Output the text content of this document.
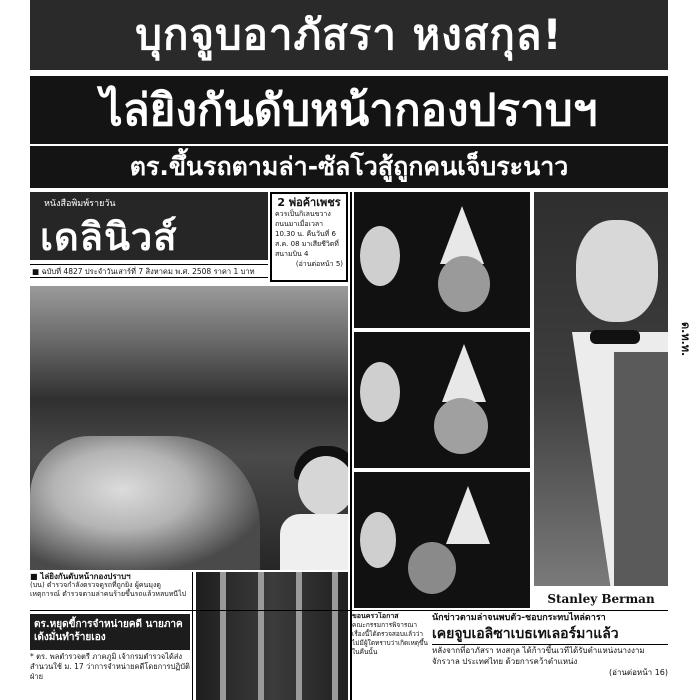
บุกจูบอาภัสรา หงสกุล!
ไล่ยิงกันดับหน้ากองปราบฯ
ตร.ขึ้นรถตามล่า-ซัลโวสู้ถูกคนเจ็บระนาว
หนังสือพิมพ์รายวัน
เดลินิวส์
■ ฉบับที่ 4827 ประจำวันเสาร์ที่ 7 สิงหาคม พ.ศ. 2508 ราคา 1 บาท
2 พ่อค้าเพชร
ควรเป็นกิเลนขวางถนนมาเมื่อเวลา 10.30 น. คืนวันที่ 6 ส.ค. 08 มาเสียชีวิตที่สนามบิน 4
(อ่านต่อหน้า 5)
ด.ท.ท.
Stanley Berman
■ ไล่ยิงกันดับหน้ากองปราบฯ
(บน) ตำรวจกำลังตรวจดูรถที่ถูกยิง ผู้คนมุงดูเหตุการณ์ ตำรวจตามล่าคนร้ายขึ้นรถแล้วหลบหนีไป
ตร.หยุดขี้การจำหน่ายคดี นายภาคเด้งมั่นทำร้ายเอง
* ตร. พลตำรวจตรี ภาคภูมิ เจ้ากรมตำรวจได้ส่งสำนวนใช้ ม. 17 ว่าการจำหน่ายคดีโดยการปฏิบัติ ฝ่าย
ขอนครวโอกาส
คณะกรรมการพิจารณาเรื่องนี้ได้ตรวจสอบแล้วว่าไม่มีผู้ใดทราบว่าเกิดเหตุขึ้นในคืนนั้น
นักข่าวตามล่าจนพบตัว-ชอบกระทบไหล่ดารา
เคยจูบเอลิซาเบธเทเลอร์มาแล้ว
หลังจากที่อาภัสรา หงสกุล ได้ก้าวขึ้นเวทีได้รับตำแหน่งนางงามจักรวาล ประเทศไทย ด้วยการคว้าตำแหน่ง
(อ่านต่อหน้า 16)
